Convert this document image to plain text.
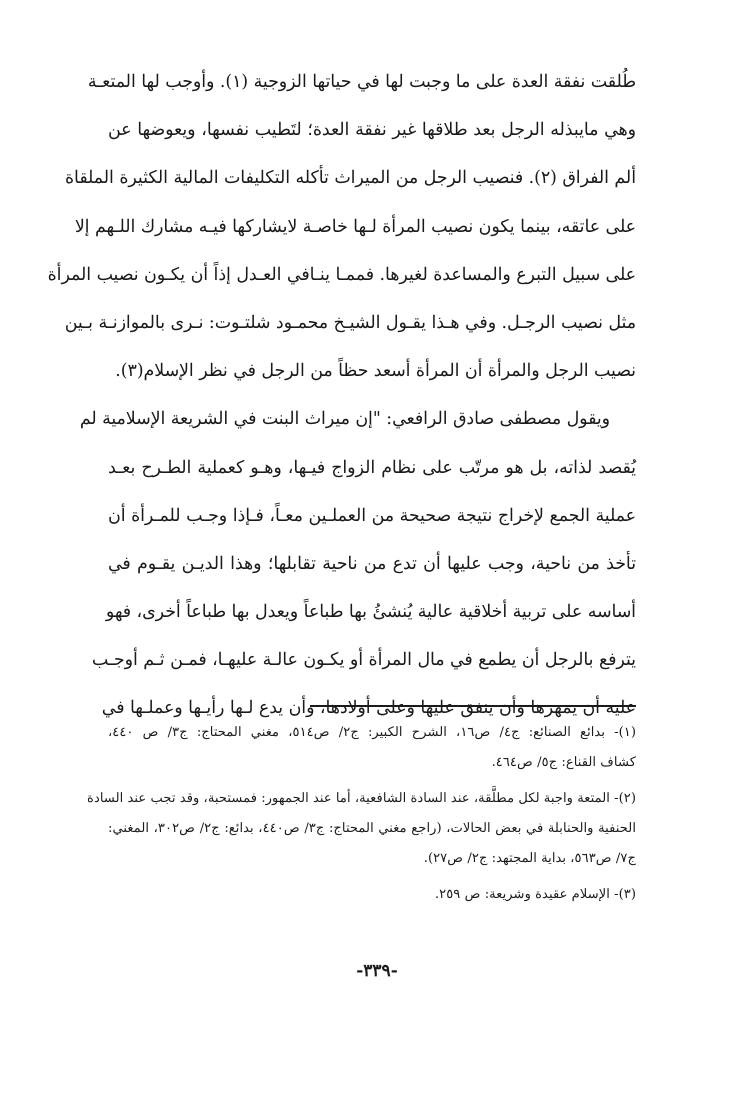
طُلقت نفقة العدة على ما وجبت لها في حياتها الزوجية (١). وأوجب لها المتعـة
وهي مايبذله الرجل بعد طلاقها غير نفقة العدة؛ لتَطيب نفسها، ويعوضها عن
ألم الفراق (٢). فنصيب الرجل من الميراث تأكله التكليفات المالية الكثيرة الملقاة
على عاتقه، بينما يكون نصيب المرأة لـها خاصـة لايشاركها فيـه مشارك اللـهم إلا
على سبيل التبرع والمساعدة لغيرها. فممـا ينـافي العـدل إذاً أن يكـون نصيب المرأة
مثل نصيب الرجـل. وفي هـذا يقـول الشيـخ محمـود شلتـوت: نـرى بالموازنـة بـين
نصيب الرجل والمرأة أن المرأة أسعد حظاً من الرجل في نظر الإسلام(٣).
ويقول مصطفى صادق الرافعي: "إن ميراث البنت في الشريعة الإسلامية لم
يُقصد لذاته، بل هو مرتّب على نظام الزواج فيـها، وهـو كعملية الطـرح بعـد
عملية الجمع لإخراج نتيجة صحيحة من العملـين معـاً، فـإذا وجـب للمـرأة أن
تأخذ من ناحية، وجب عليها أن تدع من ناحية تقابلها؛ وهذا الديـن يقـوم في
أساسه على تربية أخلاقية عالية يُنشئُ بها طباعاً ويعدل بها طباعاً أخرى، فهو
يترفع بالرجل أن يطمع في مال المرأة أو يكـون عالـة عليهـا، فمـن ثـم أوجـب
عليه أن يمهرها وأن ينفق عليها وعلى أولادها، وأن يدع لـها رأيـها وعملـها في
(١)- بدائع الصنائع: ج٤/ ص١٦، الشرح الكبير: ج٢/ ص٥١٤، مغني المحتاج: ج٣/ ص ٤٤٠،
كشاف القناع: ج٥/ ص٤٦٤.
(٢)- المتعة واجبة لكل مطلَّقة، عند السادة الشافعية، أما عند الجمهور: فمستحبة، وقد تجب عند السادة
الحنفية والحنابلة في بعض الحالات، (راجع مغني المحتاج: ج٣/ ص٤٤٠، بدائع: ج٢/ ص٣٠٢، المغني:
ج٧/ ص٥٦٣، بداية المجتهد: ج٢/ ص٢٧).
(٣)- الإسلام عقيدة وشريعة: ص ٢٥٩.
-٣٣٩-
